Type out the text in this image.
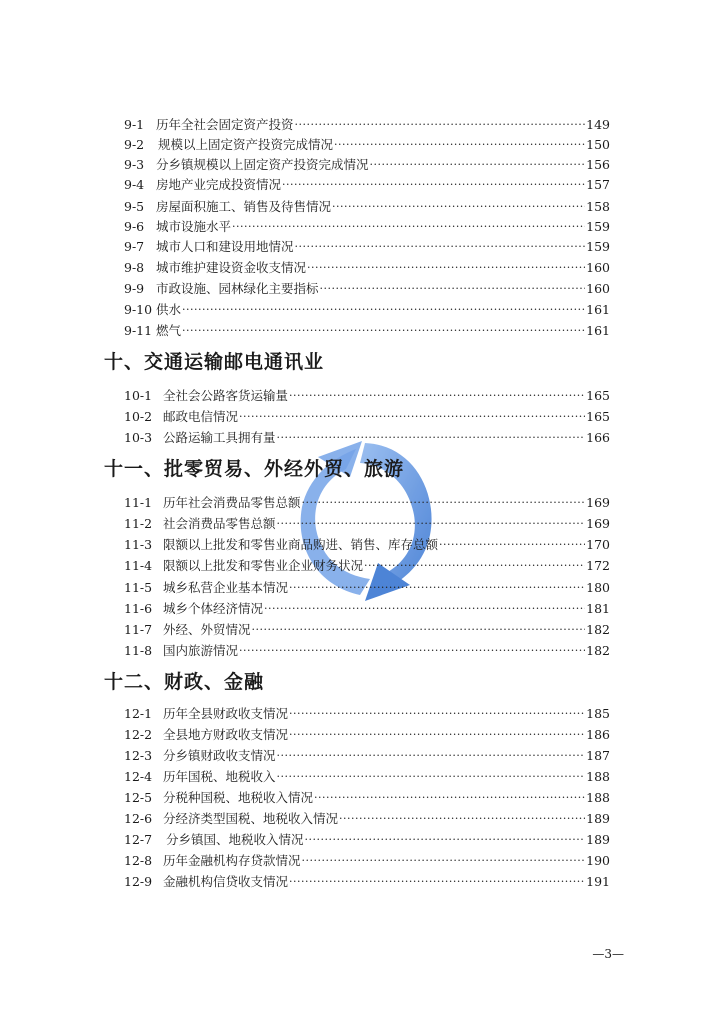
9-1 历年全社会固定资产投资 ·····	149
9-2	规模以上固定资产投资完成情况 ·····	150
9-3 分乡镇规模以上固定资产投资完成情况 ·····	156
9-4 房地产业完成投资情况 ·····	157
9-5 房屋面积施工、销售及待售情况 ·····	158
9-6 城市设施水平 ·····	159
9-7 城市人口和建设用地情况 ·····	159
9-8 城市维护建设资金收支情况 ·····	160
9-9 市政设施、园林绿化主要指标 ·····	160
9-10 供水 ·····	161
9-11 燃气 ·····	161
十、交通运输邮电通讯业
10-1 全社会公路客货运输量 ·····	165
10-2 邮政电信情况 ·····	165
10-3 公路运输工具拥有量 ·····	166
十一、批零贸易、外经外贸、旅游
11-1 历年社会消费品零售总额 ·····	169
11-2 社会消费品零售总额 ·····	169
11-3 限额以上批发和零售业商品购进、销售、库存总额 ·····	170
11-4 限额以上批发和零售业企业财务状况 ·····	172
11-5 城乡私营企业基本情况 ·····	180
11-6 城乡个体经济情况 ·····	181
11-7 外经、外贸情况 ·····	182
11-8 国内旅游情况 ·····	182
十二、财政、金融
12-1 历年全县财政收支情况 ·····	185
12-2 全县地方财政收支情况 ·····	186
12-3 分乡镇财政收支情况 ·····	187
12-4 历年国税、地税收入 ·····	188
12-5 分税种国税、地税收入情况 ·····	188
12-6 分经济类型国税、地税收入情况 ·····	189
12-7	分乡镇国、地税收入情况 ·····	189
12-8 历年金融机构存贷款情况 ·····	190
12-9 金融机构信贷收支情况 ·····	191
—3—
